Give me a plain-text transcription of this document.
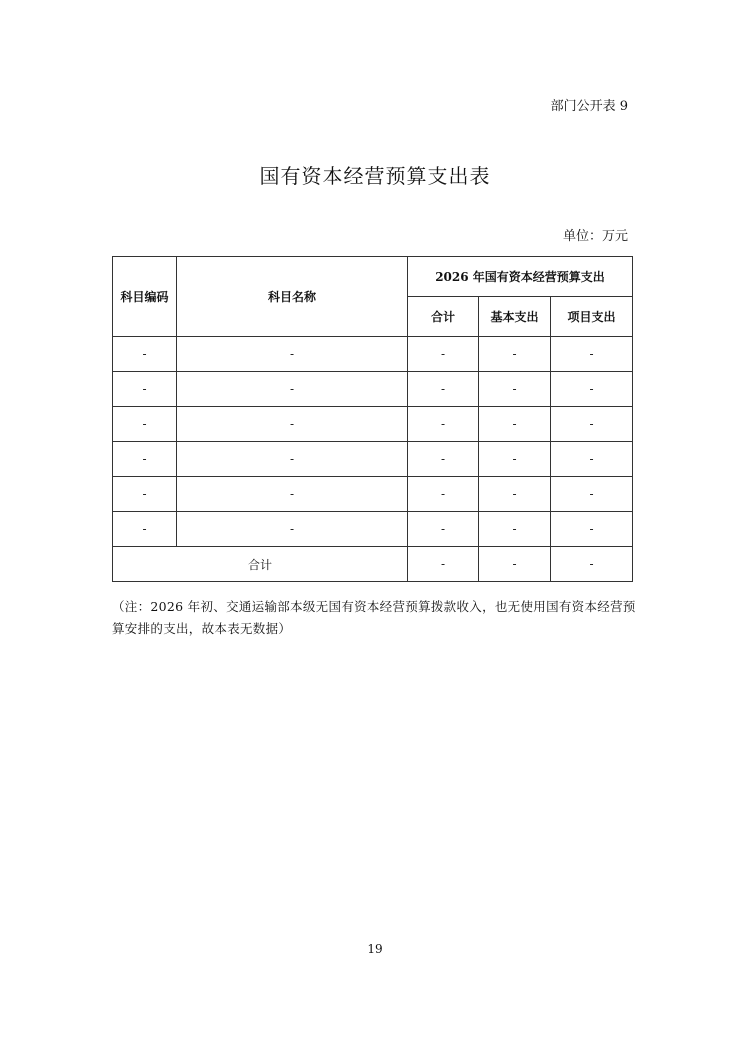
部门公开表 9
国有资本经营预算支出表
单位：万元
科目编码	科目名称	2026 年国有资本经营预算支出		
		合计	基本支出	项目支出
-	-	-	-	-
-	-	-	-	-
-	-	-	-	-
-	-	-	-	-
-	-	-	-	-
-	-	-	-	-
合计		-	-	-
（注：2026 年初、交通运输部本级无国有资本经营预算拨款收入，也无使用国有资本经营预算安排的支出，故本表无数据）
19
